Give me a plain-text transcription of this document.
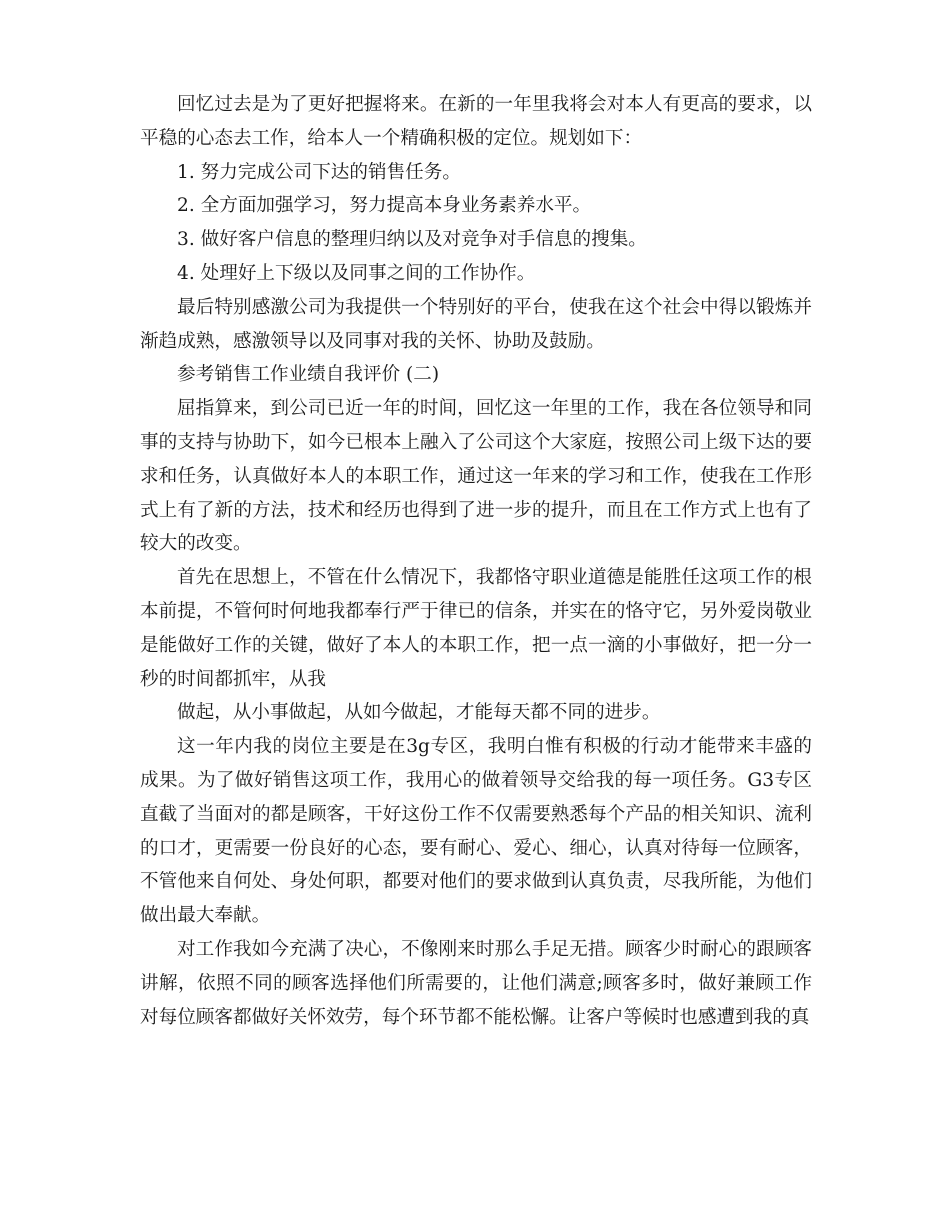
回忆过去是为了更好把握将来。在新的一年里我将会对本人有更高的要求，以平稳的心态去工作，给本人一个精确积极的定位。规划如下：

1. 努力完成公司下达的销售任务。

2. 全方面加强学习，努力提高本身业务素养水平。

3. 做好客户信息的整理归纳以及对竞争对手信息的搜集。

4. 处理好上下级以及同事之间的工作协作。

最后特别感激公司为我提供一个特别好的平台，使我在这个社会中得以锻炼并渐趋成熟，感激领导以及同事对我的关怀、协助及鼓励。

参考销售工作业绩自我评价 (二)

屈指算来，到公司已近一年的时间，回忆这一年里的工作，我在各位领导和同事的支持与协助下，如今已根本上融入了公司这个大家庭，按照公司上级下达的要求和任务，认真做好本人的本职工作，通过这一年来的学习和工作，使我在工作形式上有了新的方法，技术和经历也得到了进一步的提升，而且在工作方式上也有了较大的改变。

首先在思想上，不管在什么情况下，我都恪守职业道德是能胜任这项工作的根本前提，不管何时何地我都奉行严于律已的信条，并实在的恪守它，另外爱岗敬业是能做好工作的关键，做好了本人的本职工作，把一点一滴的小事做好，把一分一秒的时间都抓牢，从我

做起，从小事做起，从如今做起，才能每天都不同的进步。

这一年内我的岗位主要是在3g专区，我明白惟有积极的行动才能带来丰盛的成果。为了做好销售这项工作，我用心的做着领导交给我的每一项任务。G3专区直截了当面对的都是顾客，干好这份工作不仅需要熟悉每个产品的相关知识、流利的口才，更需要一份良好的心态，要有耐心、爱心、细心，认真对待每一位顾客，不管他来自何处、身处何职，都要对他们的要求做到认真负责，尽我所能，为他们做出最大奉献。

对工作我如今充满了决心，不像刚来时那么手足无措。顾客少时耐心的跟顾客讲解，依照不同的顾客选择他们所需要的，让他们满意;顾客多时，做好兼顾工作对每位顾客都做好关怀效劳，每个环节都不能松懈。让客户等候时也感遭到我的真
